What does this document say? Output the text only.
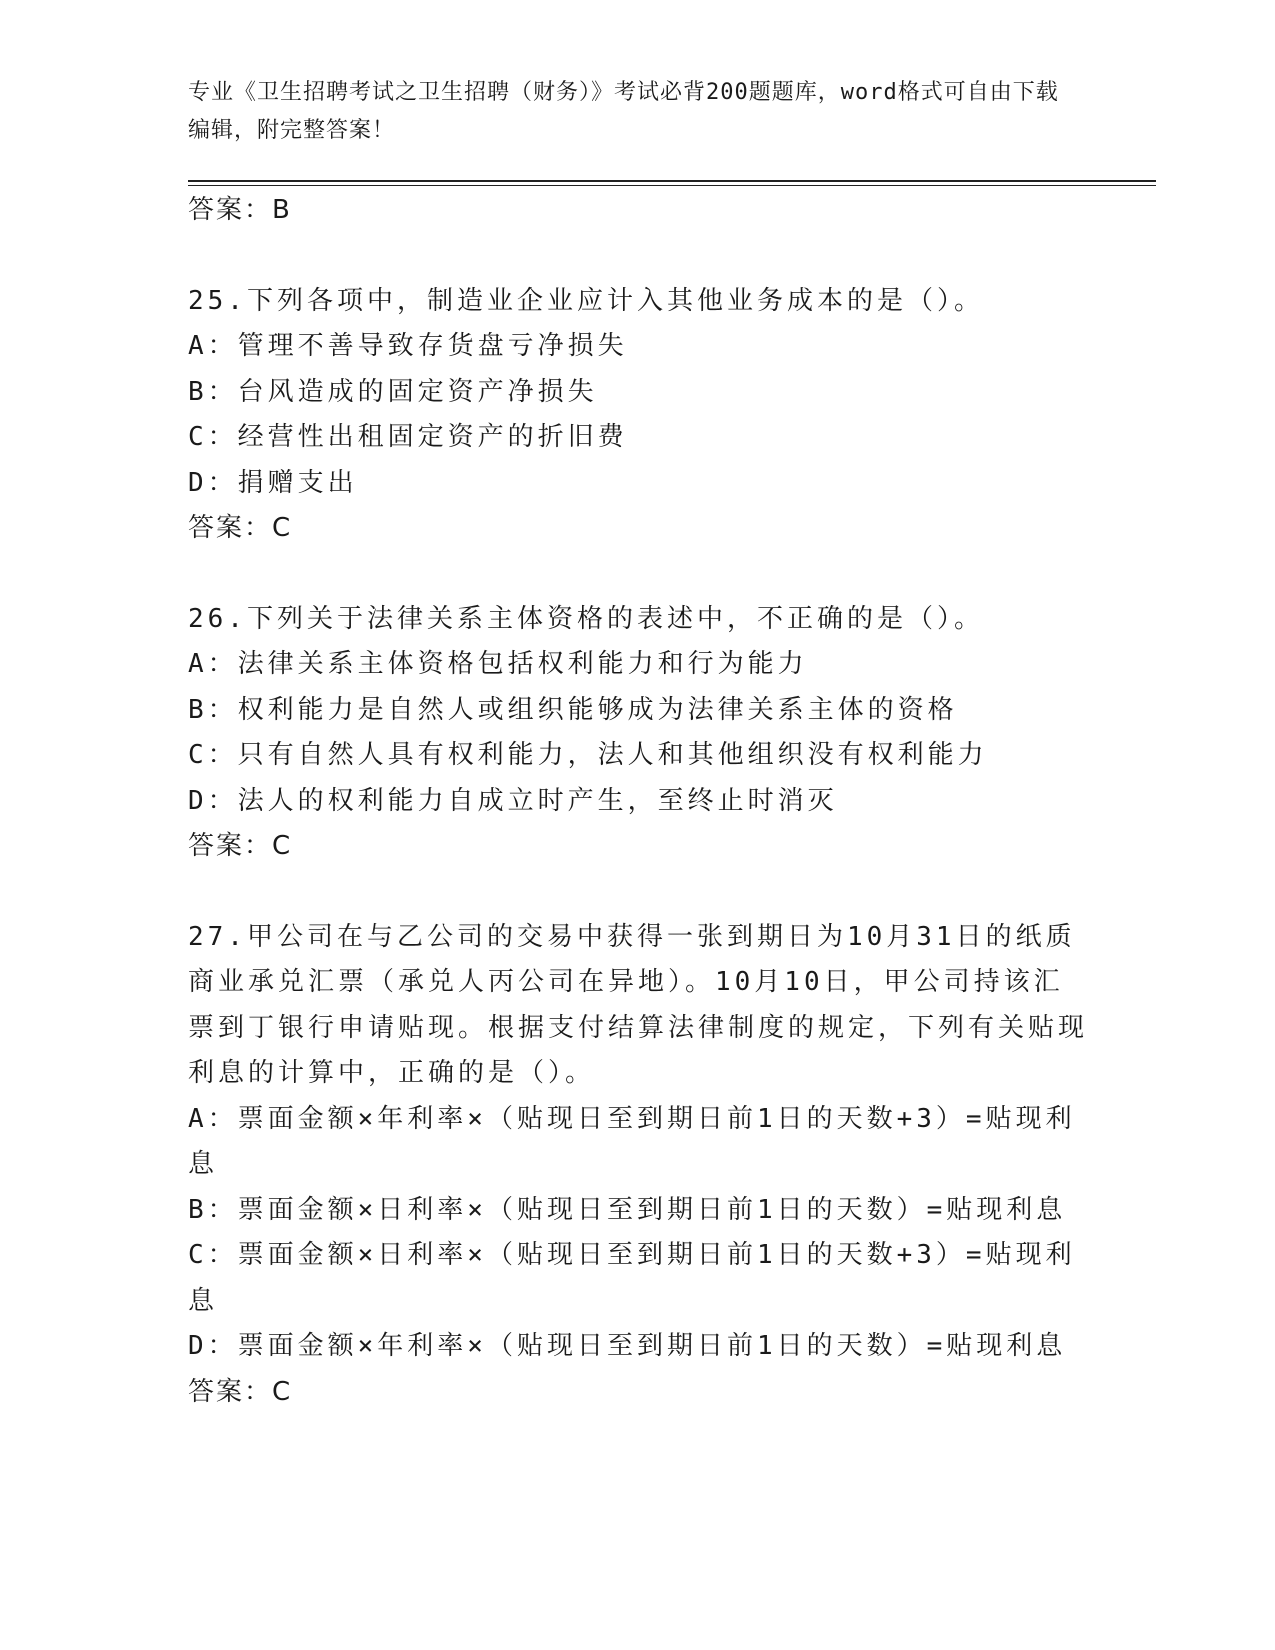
专业《卫生招聘考试之卫生招聘（财务）》考试必背200题题库，word格式可自由下载编辑，附完整答案！
答案：B
25.下列各项中，制造业企业应计入其他业务成本的是（）。
A：管理不善导致存货盘亏净损失
B：台风造成的固定资产净损失
C：经营性出租固定资产的折旧费
D：捐赠支出
答案：C
26.下列关于法律关系主体资格的表述中，不正确的是（）。
A：法律关系主体资格包括权利能力和行为能力
B：权利能力是自然人或组织能够成为法律关系主体的资格
C：只有自然人具有权利能力，法人和其他组织没有权利能力
D：法人的权利能力自成立时产生，至终止时消灭
答案：C
27.甲公司在与乙公司的交易中获得一张到期日为10月31日的纸质商业承兑汇票（承兑人丙公司在异地）。10月10日，甲公司持该汇票到丁银行申请贴现。根据支付结算法律制度的规定，下列有关贴现利息的计算中，正确的是（）。
A：票面金额×年利率×（贴现日至到期日前1日的天数+3）=贴现利息
B：票面金额×日利率×（贴现日至到期日前1日的天数）=贴现利息
C：票面金额×日利率×（贴现日至到期日前1日的天数+3）=贴现利息
D：票面金额×年利率×（贴现日至到期日前1日的天数）=贴现利息
答案：C
